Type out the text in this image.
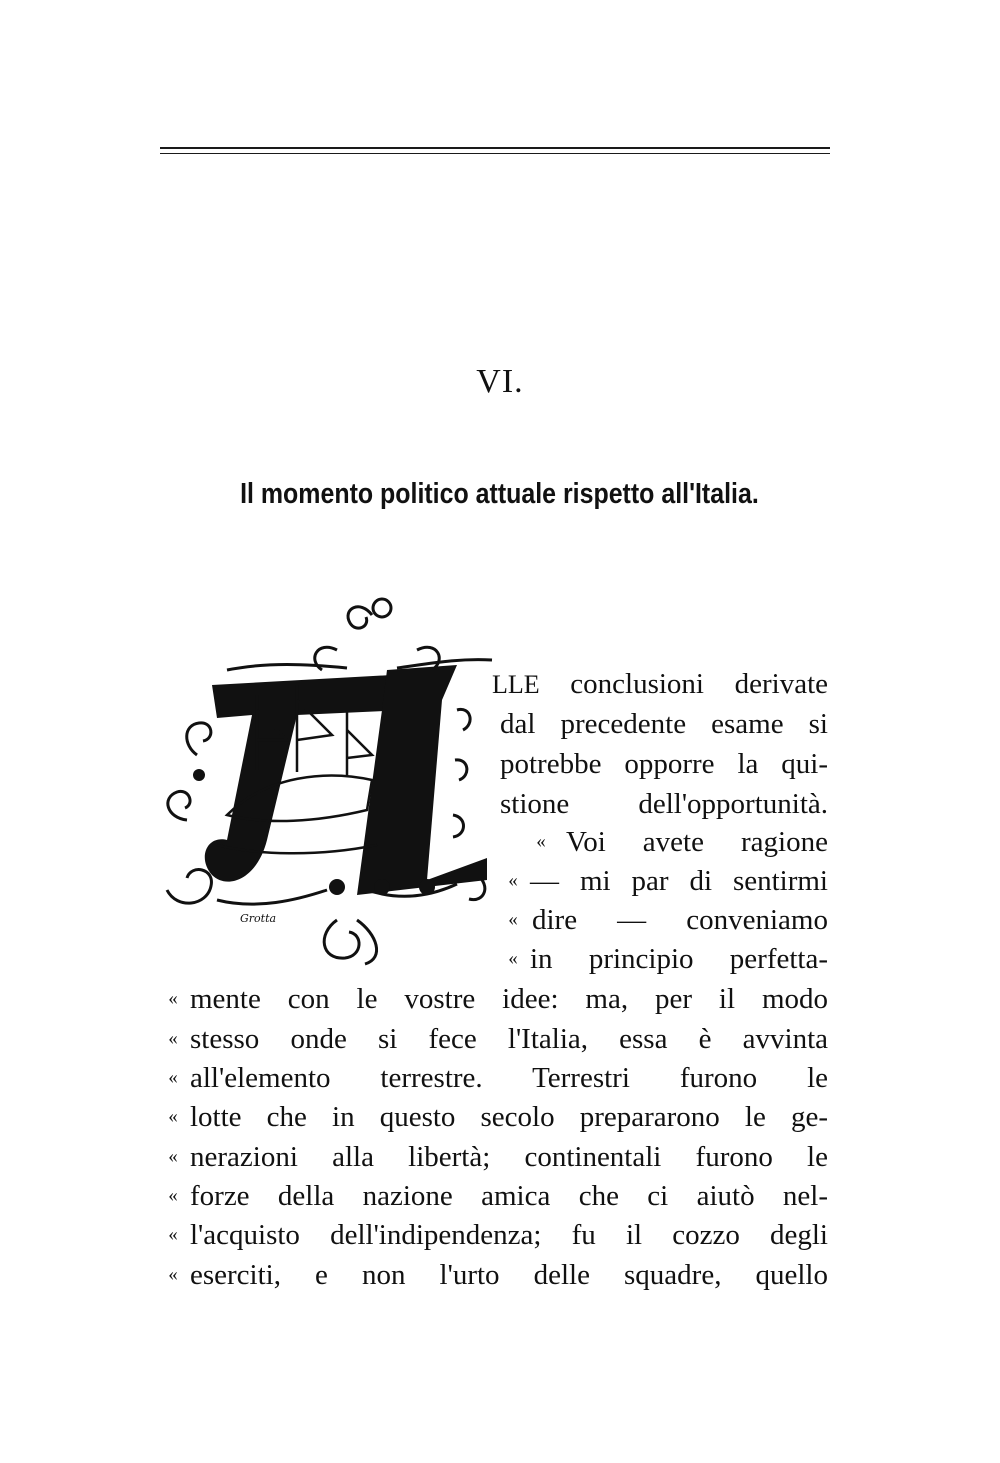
VI.
Il momento politico attuale rispetto all'Italia.
Grotta
LLE conclusioni derivate
dal precedente esame si
potrebbe opporre la qui-
stione dell'opportunità.
« Voi avete ragione
« — mi par di sentirmi
« dire — conveniamo
« in principio perfetta-
« mente con le vostre idee: ma, per il modo
« stesso onde si fece l'Italia, essa è avvinta
« all'elemento terrestre. Terrestri furono le
« lotte che in questo secolo prepararono le ge-
« nerazioni alla libertà; continentali furono le
« forze della nazione amica che ci aiutò nel-
« l'acquisto dell'indipendenza; fu il cozzo degli
« eserciti, e non l'urto delle squadre, quello
